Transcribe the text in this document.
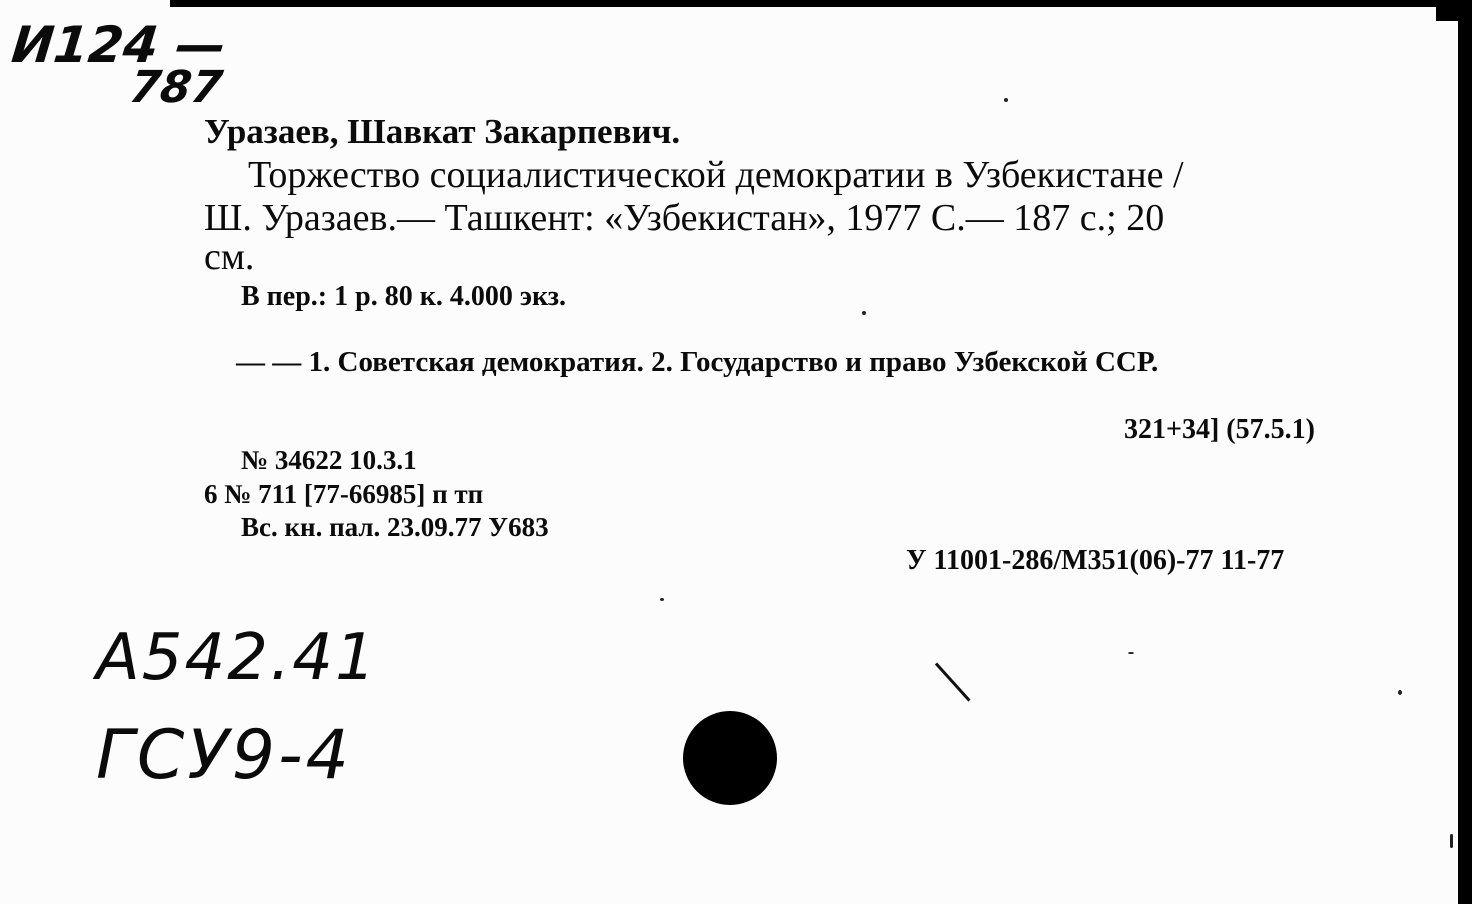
И124 —
787

Уразаев, Шавкат Закарпевич.

Торжество социалистической демократии в Узбекистане /

Ш. Уразаев.— Ташкент: «Узбекистан», 1977 С.— 187 с.; 20

см.

В пер.: 1 р. 80 к. 4.000 экз.

— — 1. Советская демократия. 2. Государство и право Узбекской ССР.

321+34] (57.5.1)

№ 34622 10.3.1

6 № 711 [77-66985] п тп

Вс. кн. пал. 23.09.77 У683

У 11001-286/М351(06)-77 11-77

A542.41
ГСУ9-4
